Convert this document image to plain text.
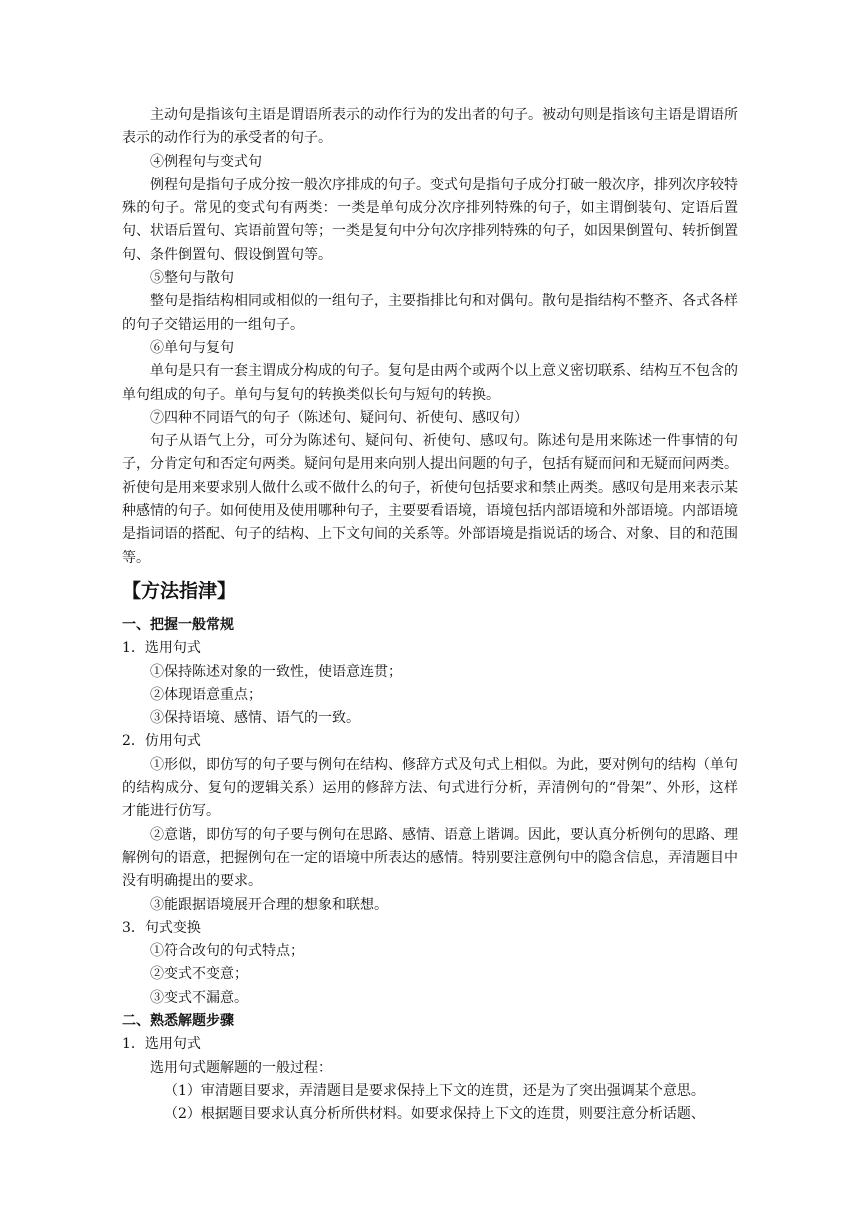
主动句是指该句主语是谓语所表示的动作行为的发出者的句子。被动句则是指该句主语是谓语所表示的动作行为的承受者的句子。

④例程句与变式句

例程句是指句子成分按一般次序排成的句子。变式句是指句子成分打破一般次序，排列次序较特殊的句子。常见的变式句有两类：一类是单句成分次序排列特殊的句子，如主谓倒装句、定语后置句、状语后置句、宾语前置句等；一类是复句中分句次序排列特殊的句子，如因果倒置句、转折倒置句、条件倒置句、假设倒置句等。

⑤整句与散句

整句是指结构相同或相似的一组句子，主要指排比句和对偶句。散句是指结构不整齐、各式各样的句子交错运用的一组句子。

⑥单句与复句

单句是只有一套主谓成分构成的句子。复句是由两个或两个以上意义密切联系、结构互不包含的单句组成的句子。单句与复句的转换类似长句与短句的转换。

⑦四种不同语气的句子（陈述句、疑问句、祈使句、感叹句）

句子从语气上分，可分为陈述句、疑问句、祈使句、感叹句。陈述句是用来陈述一件事情的句子，分肯定句和否定句两类。疑问句是用来向别人提出问题的句子，包括有疑而问和无疑而问两类。祈使句是用来要求别人做什么或不做什么的句子，祈使句包括要求和禁止两类。感叹句是用来表示某种感情的句子。如何使用及使用哪种句子，主要要看语境，语境包括内部语境和外部语境。内部语境是指词语的搭配、句子的结构、上下文句间的关系等。外部语境是指说话的场合、对象、目的和范围等。

【方法指津】

一、把握一般常规

1．选用句式

①保持陈述对象的一致性，使语意连贯；

②体现语意重点；

③保持语境、感情、语气的一致。

2．仿用句式

①形似，即仿写的句子要与例句在结构、修辞方式及句式上相似。为此，要对例句的结构（单句的结构成分、复句的逻辑关系）运用的修辞方法、句式进行分析，弄清例句的“骨架”、外形，这样才能进行仿写。

②意谐，即仿写的句子要与例句在思路、感情、语意上谐调。因此，要认真分析例句的思路、理解例句的语意，把握例句在一定的语境中所表达的感情。特别要注意例句中的隐含信息，弄清题目中没有明确提出的要求。

③能跟据语境展开合理的想象和联想。

3．句式变换

①符合改句的句式特点；

②变式不变意；

③变式不漏意。

二、熟悉解题步骤

1．选用句式

选用句式题解题的一般过程：

（1）审清题目要求，弄清题目是要求保持上下文的连贯，还是为了突出强调某个意思。

（2）根据题目要求认真分析所供材料。如要求保持上下文的连贯，则要注意分析话题、
